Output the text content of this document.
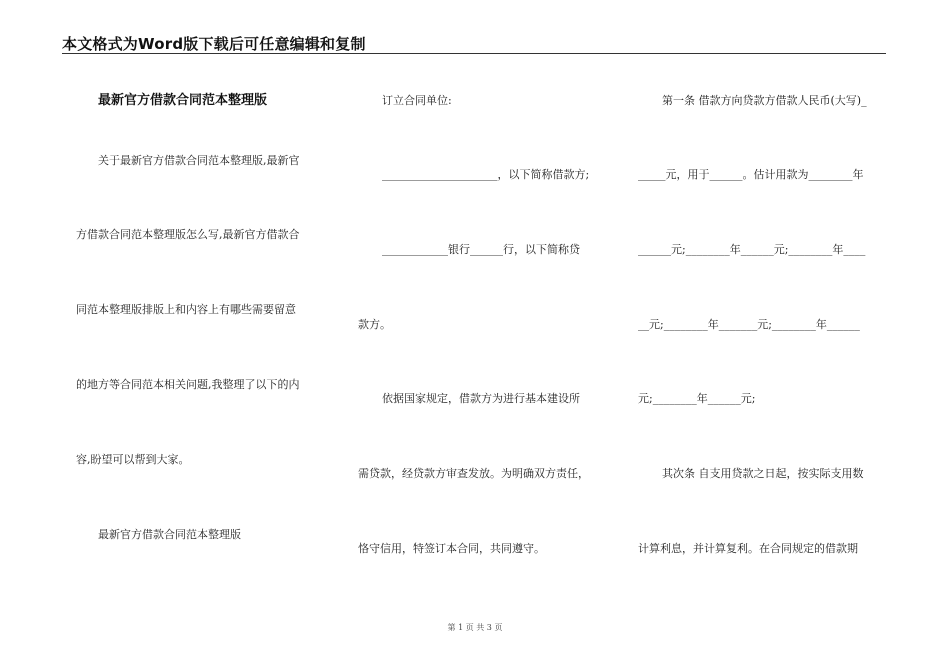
本文格式为Word版下载后可任意编辑和复制
最新官方借款合同范本整理版
关于最新官方借款合同范本整理版,最新官
方借款合同范本整理版怎么写,最新官方借款合
同范本整理版排版上和内容上有哪些需要留意
的地方等合同范本相关问题,我整理了以下的内
容,盼望可以帮到大家。
最新官方借款合同范本整理版
订立合同单位:
_____________________，以下简称借款方;
____________银行______行，以下简称贷
款方。
依据国家规定，借款方为进行基本建设所
需贷款，经贷款方审查发放。为明确双方责任，
恪守信用，特签订本合同，共同遵守。
第一条 借款方向贷款方借款人民币(大写)_
_____元，用于______。估计用款为________年
______元;________年______元;________年____
__元;________年_______元;________年______
元;________年______元;
其次条 自支用贷款之日起，按实际支用数
计算利息，并计算复利。在合同规定的借款期
第 1 页 共 3 页
